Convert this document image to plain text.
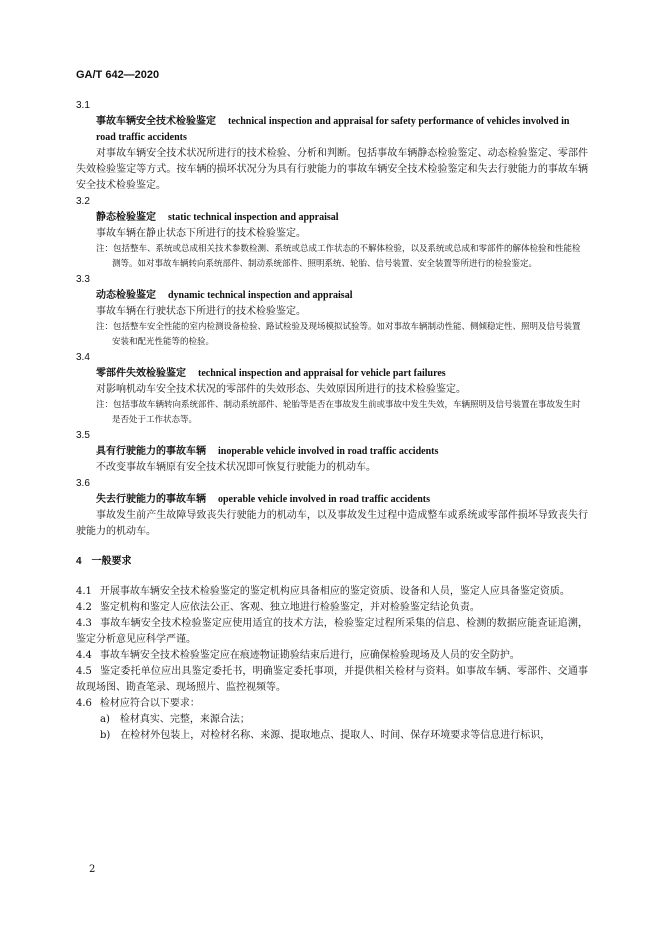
GA/T 642—2020
3.1
事故车辆安全技术检验鉴定 technical inspection and appraisal for safety performance of vehicles involved in road traffic accidents
对事故车辆安全技术状况所进行的技术检验、分析和判断。包括事故车辆静态检验鉴定、动态检验鉴定、零部件失效检验鉴定等方式。按车辆的损坏状况分为具有行驶能力的事故车辆安全技术检验鉴定和失去行驶能力的事故车辆安全技术检验鉴定。
3.2
静态检验鉴定 static technical inspection and appraisal
事故车辆在静止状态下所进行的技术检验鉴定。
注：包括整车、系统或总成相关技术参数检测、系统或总成工作状态的不解体检验，以及系统或总成和零部件的解体检验和性能检测等。如对事故车辆转向系统部件、制动系统部件、照明系统、轮胎、信号装置、安全装置等所进行的检验鉴定。
3.3
动态检验鉴定 dynamic technical inspection and appraisal
事故车辆在行驶状态下所进行的技术检验鉴定。
注：包括整车安全性能的室内检测设备检验、路试检验及现场模拟试验等。如对事故车辆制动性能、侧倾稳定性、照明及信号装置安装和配光性能等的检验。
3.4
零部件失效检验鉴定 technical inspection and appraisal for vehicle part failures
对影响机动车安全技术状况的零部件的失效形态、失效原因所进行的技术检验鉴定。
注：包括事故车辆转向系统部件、制动系统部件、轮胎等是否在事故发生前或事故中发生失效，车辆照明及信号装置在事故发生时是否处于工作状态等。
3.5
具有行驶能力的事故车辆 inoperable vehicle involved in road traffic accidents
不改变事故车辆原有安全技术状况即可恢复行驶能力的机动车。
3.6
失去行驶能力的事故车辆 operable vehicle involved in road traffic accidents
事故发生前产生故障导致丧失行驶能力的机动车，以及事故发生过程中造成整车或系统或零部件损坏导致丧失行驶能力的机动车。
4　一般要求
4.1 开展事故车辆安全技术检验鉴定的鉴定机构应具备相应的鉴定资质、设备和人员，鉴定人应具备鉴定资质。
4.2 鉴定机构和鉴定人应依法公正、客观、独立地进行检验鉴定，并对检验鉴定结论负责。
4.3 事故车辆安全技术检验鉴定应使用适宜的技术方法，检验鉴定过程所采集的信息、检测的数据应能查证追溯，鉴定分析意见应科学严谨。
4.4 事故车辆安全技术检验鉴定应在痕迹物证勘验结束后进行，应确保检验现场及人员的安全防护。
4.5 鉴定委托单位应出具鉴定委托书，明确鉴定委托事项，并提供相关检材与资料。如事故车辆、零部件、交通事故现场图、勘查笔录、现场照片、监控视频等。
4.6 检材应符合以下要求：
a) 检材真实、完整，来源合法；
b) 在检材外包装上，对检材名称、来源、提取地点、提取人、时间、保存环境要求等信息进行标识，
2
